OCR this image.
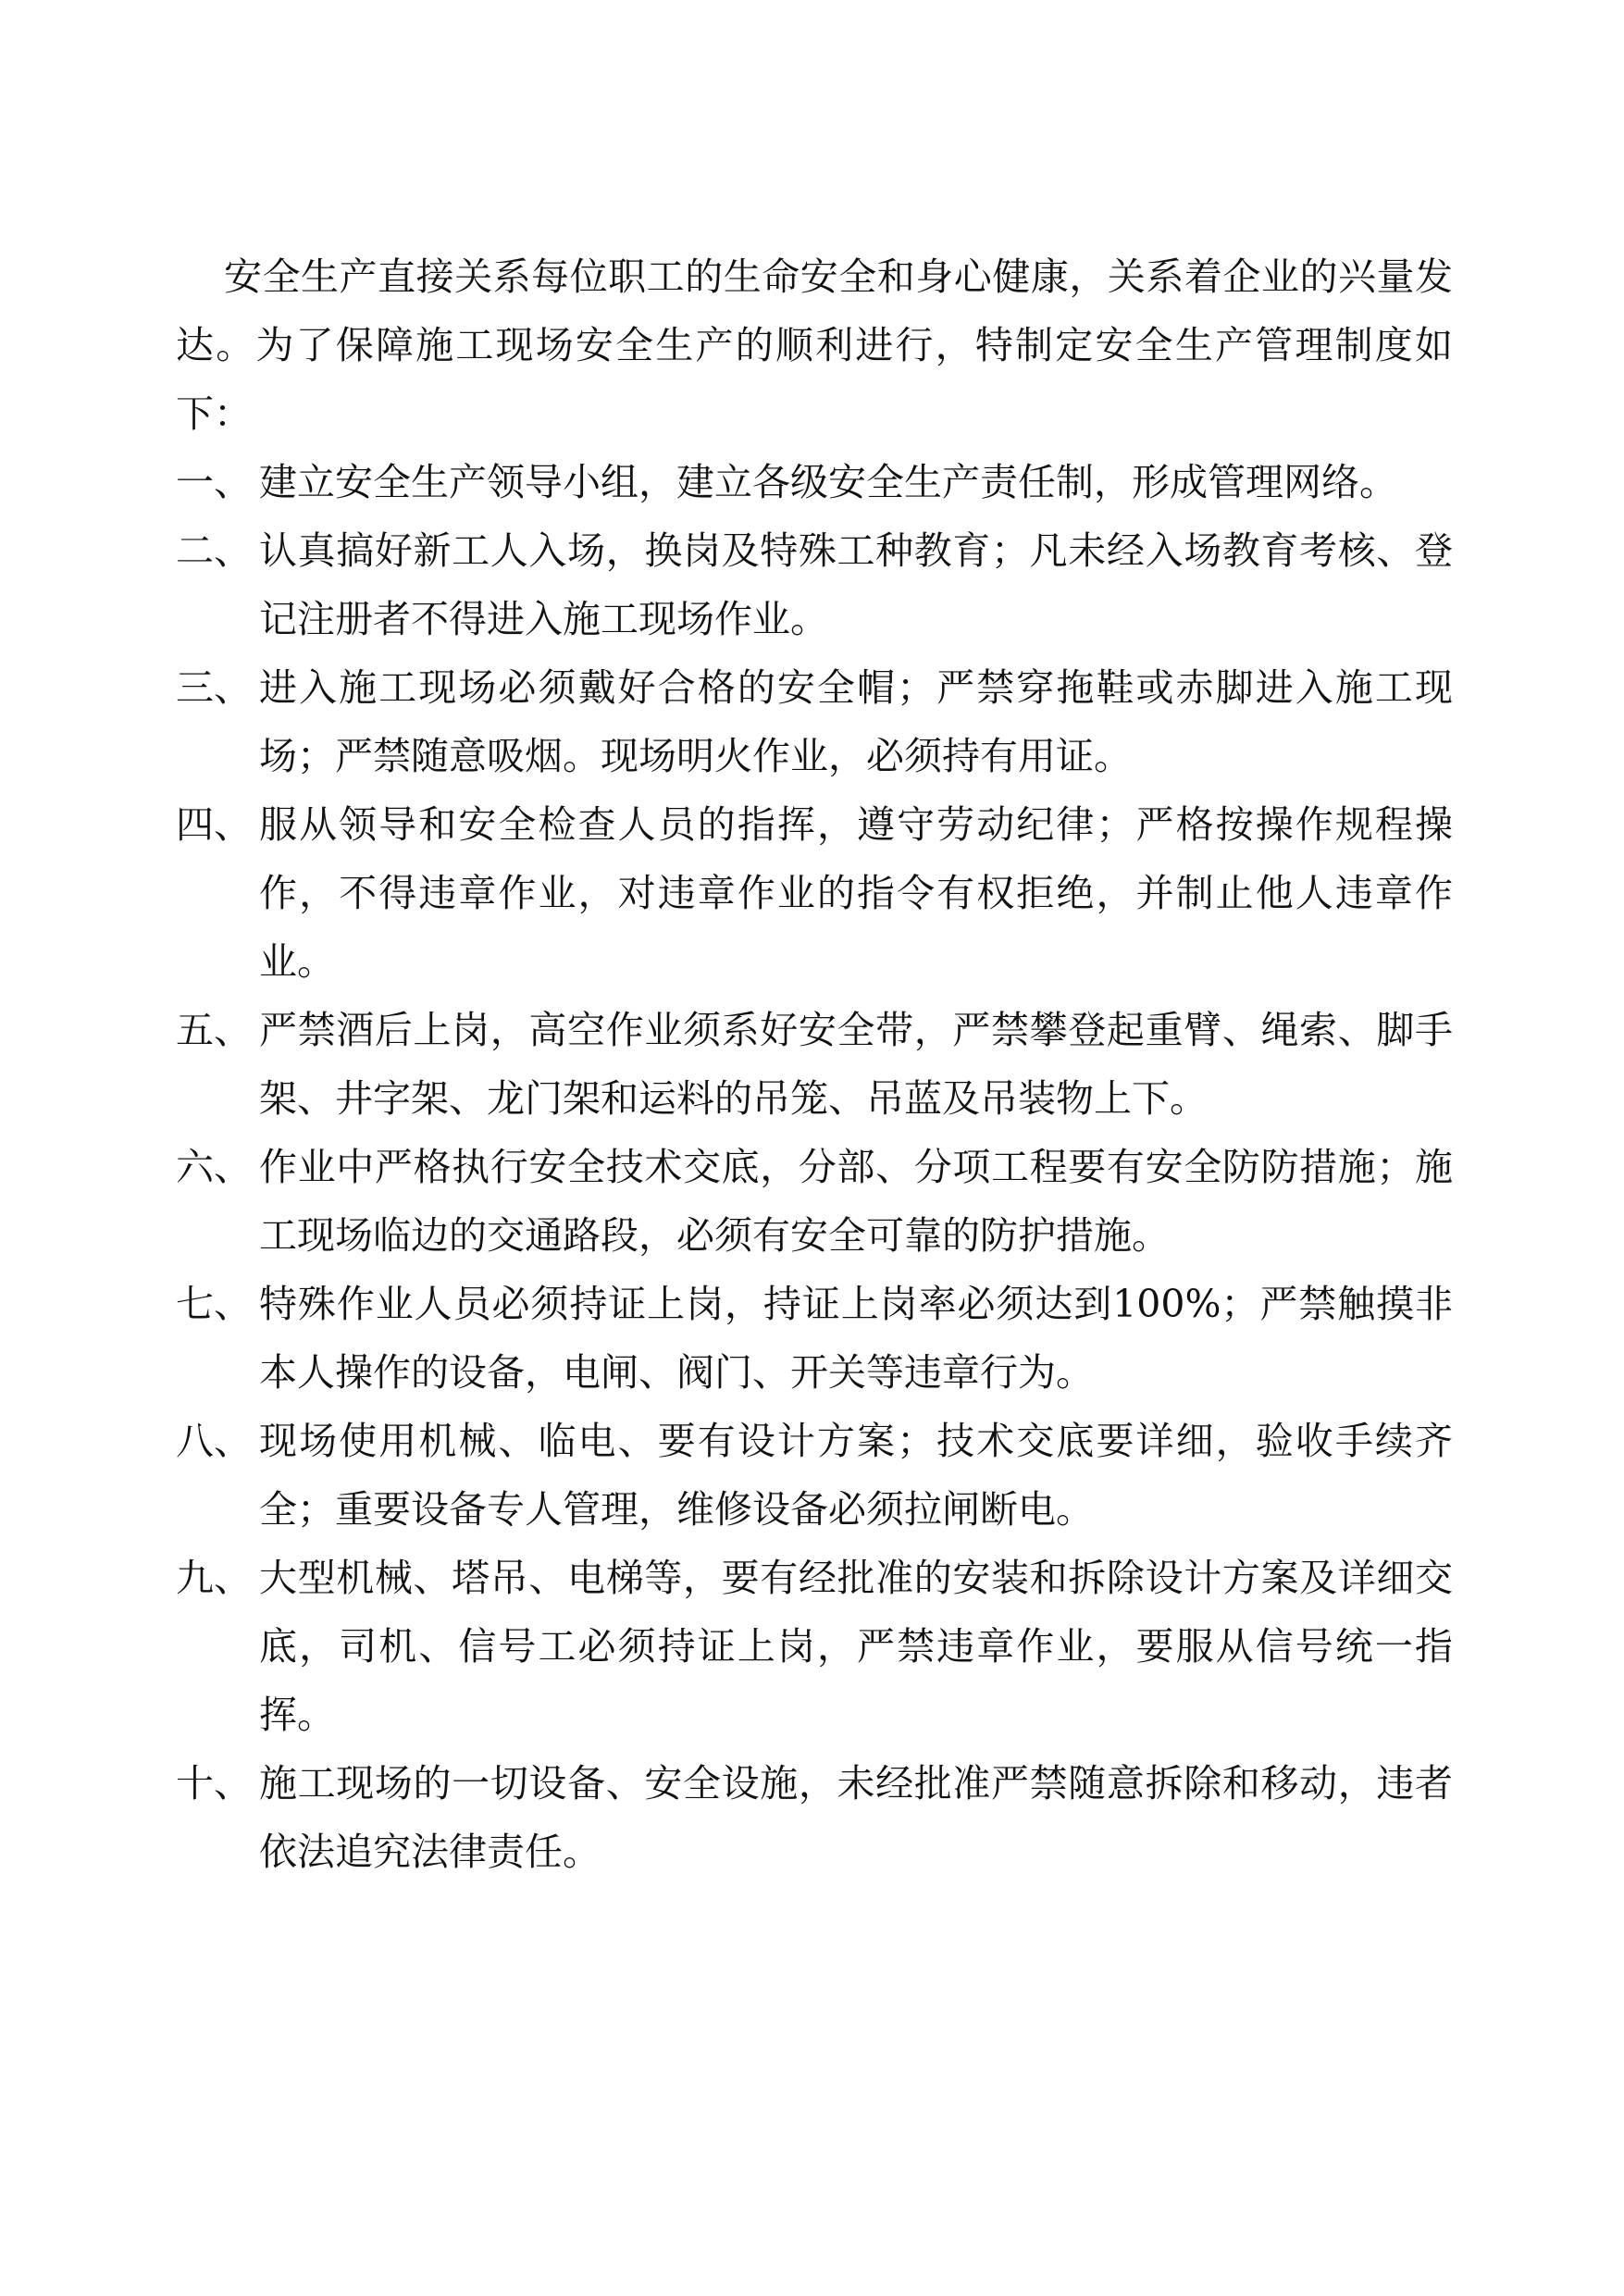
安全生产直接关系每位职工的生命安全和身心健康，关系着企业的兴量发达。为了保障施工现场安全生产的顺利进行，特制定安全生产管理制度如下：

一、 建立安全生产领导小组，建立各级安全生产责任制，形成管理网络。
二、 认真搞好新工人入场，换岗及特殊工种教育；凡未经入场教育考核、登记注册者不得进入施工现场作业。
三、 进入施工现场必须戴好合格的安全帽；严禁穿拖鞋或赤脚进入施工现场；严禁随意吸烟。现场明火作业，必须持有用证。
四、 服从领导和安全检查人员的指挥，遵守劳动纪律；严格按操作规程操作，不得违章作业，对违章作业的指令有权拒绝，并制止他人违章作业。
五、 严禁酒后上岗，高空作业须系好安全带，严禁攀登起重臂、绳索、脚手架、井字架、龙门架和运料的吊笼、吊蓝及吊装物上下。
六、 作业中严格执行安全技术交底，分部、分项工程要有安全防防措施；施工现场临边的交通路段，必须有安全可靠的防护措施。
七、 特殊作业人员必须持证上岗，持证上岗率必须达到100%；严禁触摸非本人操作的设备，电闸、阀门、开关等违章行为。
八、 现场使用机械、临电、要有设计方案；技术交底要详细，验收手续齐全；重要设备专人管理，维修设备必须拉闸断电。
九、 大型机械、塔吊、电梯等，要有经批准的安装和拆除设计方案及详细交底，司机、信号工必须持证上岗，严禁违章作业，要服从信号统一指挥。
十、 施工现场的一切设备、安全设施，未经批准严禁随意拆除和移动，违者依法追究法律责任。
